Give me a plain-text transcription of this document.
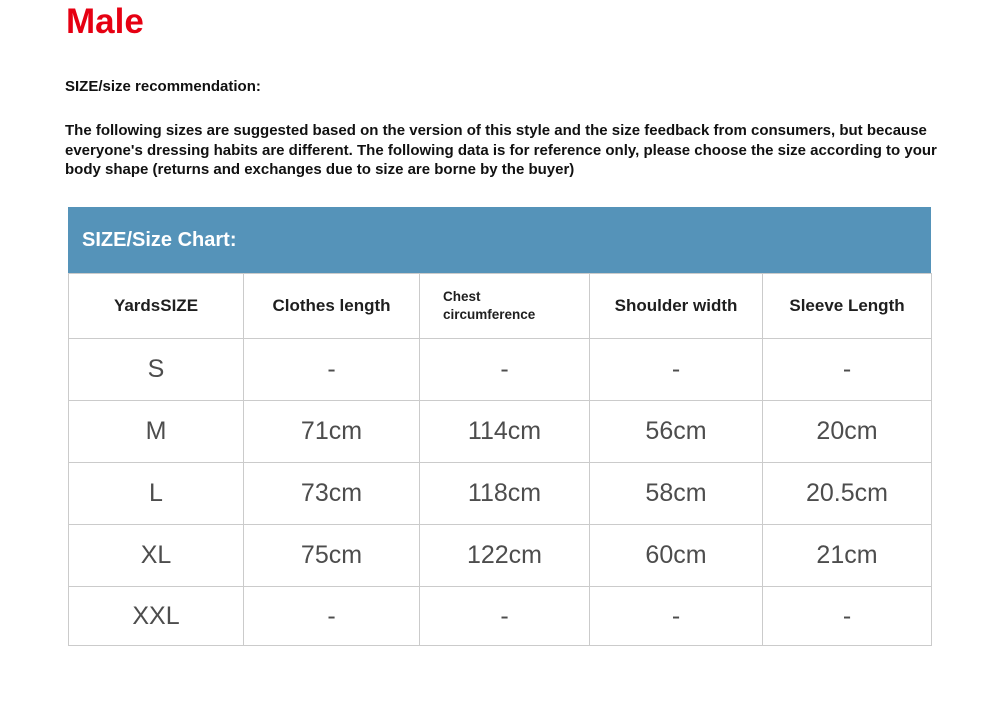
Male
SIZE/size recommendation:

The following sizes are suggested based on the version of this style and the size feedback from consumers, but because everyone's dressing habits are different. The following data is for reference only, please choose the size according to your body shape (returns and exchanges due to size are borne by the buyer)

SIZE/Size Chart:
YardsSIZE	Clothes length	Chest circumference	Shoulder width	Sleeve Length
S	-	-	-	-
M	71cm	114cm	56cm	20cm
L	73cm	118cm	58cm	20.5cm
XL	75cm	122cm	60cm	21cm
XXL	-	-	-	-
